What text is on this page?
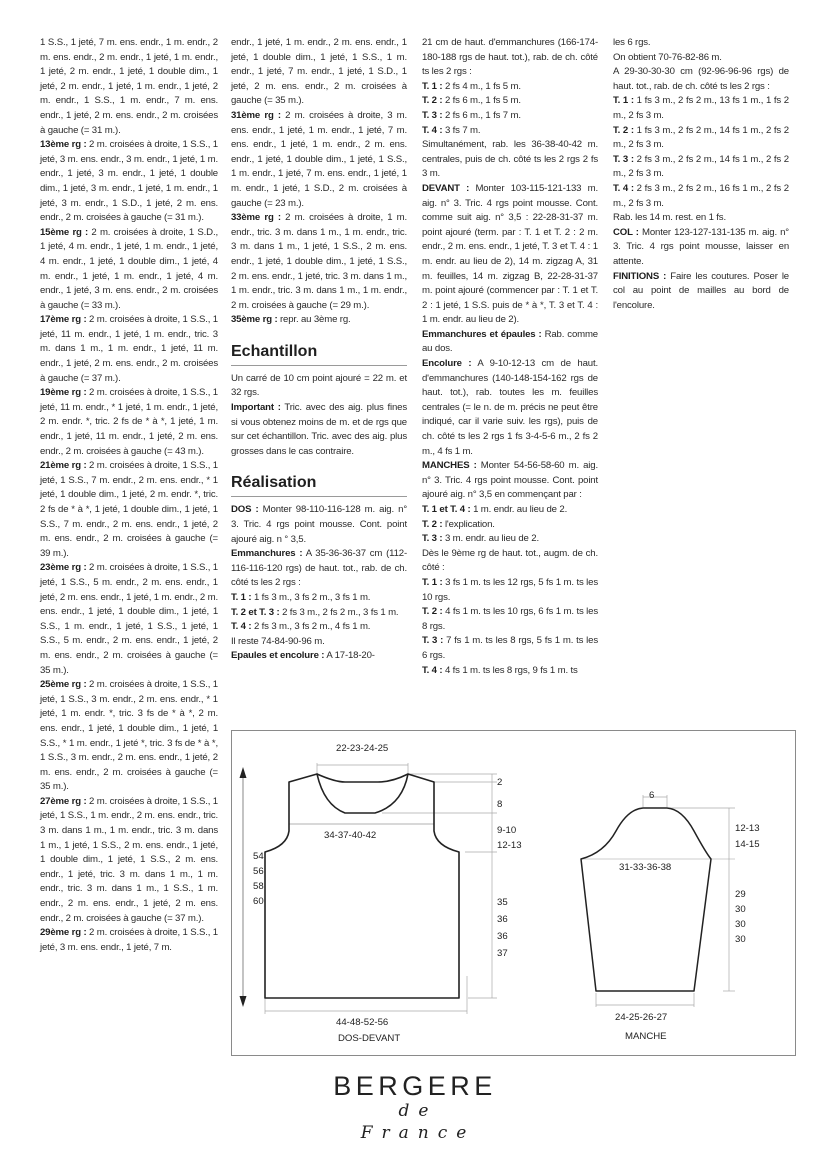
1 S.S., 1 jeté, 7 m. ens. endr., 1 m. endr., 2 m. ens. endr., 2 m. endr., 1 jeté, 1 m. endr., 1 jeté, 2 m. endr., 1 jeté, 1 double dim., 1 jeté, 2 m. endr., 1 jeté, 1 m. endr., 1 jeté, 2 m. endr., 1 S.S., 1 m. endr., 7 m. ens. endr., 1 jeté, 2 m. ens. endr., 2 m. croisées à gauche (= 31 m.).

13ème rg : 2 m. croisées à droite, 1 S.S., 1 jeté, 3 m. ens. endr., 3 m. endr., 1 jeté, 1 m. endr., 1 jeté, 3 m. endr., 1 jeté, 1 double dim., 1 jeté, 3 m. endr., 1 jeté, 1 m. endr., 1 jeté, 3 m. endr., 1 S.D., 1 jeté, 2 m. ens. endr., 2 m. croisées à gauche (= 31 m.).

15ème rg : 2 m. croisées à droite, 1 S.D., 1 jeté, 4 m. endr., 1 jeté, 1 m. endr., 1 jeté, 4 m. endr., 1 jeté, 1 double dim., 1 jeté, 4 m. endr., 1 jeté, 1 m. endr., 1 jeté, 4 m. endr., 1 jeté, 3 m. ens. endr., 2 m. croisées à gauche (= 33 m.).

17ème rg : 2 m. croisées à droite, 1 S.S., 1 jeté, 11 m. endr., 1 jeté, 1 m. endr., tric. 3 m. dans 1 m., 1 m. endr., 1 jeté, 11 m. endr., 1 jeté, 2 m. ens. endr., 2 m. croisées à gauche (= 37 m.).

19ème rg : 2 m. croisées à droite, 1 S.S., 1 jeté, 11 m. endr., * 1 jeté, 1 m. endr., 1 jeté, 2 m. endr. *, tric. 2 fs de * à *, 1 jeté, 1 m. endr., 1 jeté, 11 m. endr., 1 jeté, 2 m. ens. endr., 2 m. croisées à gauche (= 43 m.).

21ème rg : 2 m. croisées à droite, 1 S.S., 1 jeté, 1 S.S., 7 m. endr., 2 m. ens. endr., * 1 jeté, 1 double dim., 1 jeté, 2 m. endr. *, tric. 2 fs de * à *, 1 jeté, 1 double dim., 1 jeté, 1 S.S., 7 m. endr., 2 m. ens. endr., 1 jeté, 2 m. ens. endr., 2 m. croisées à gauche (= 39 m.).

23ème rg : 2 m. croisées à droite, 1 S.S., 1 jeté, 1 S.S., 5 m. endr., 2 m. ens. endr., 1 jeté, 2 m. ens. endr., 1 jeté, 1 m. endr., 2 m. ens. endr., 1 jeté, 1 double dim., 1 jeté, 1 S.S., 1 m. endr., 1 jeté, 1 S.S., 1 jeté, 1 S.S., 5 m. endr., 2 m. ens. endr., 1 jeté, 2 m. ens. endr., 2 m. croisées à gauche (= 35 m.).

25ème rg : 2 m. croisées à droite, 1 S.S., 1 jeté, 1 S.S., 3 m. endr., 2 m. ens. endr., * 1 jeté, 1 m. endr. *, tric. 3 fs de * à *, 2 m. ens. endr., 1 jeté, 1 double dim., 1 jeté, 1 S.S., * 1 m. endr., 1 jeté *, tric. 3 fs de * à *, 1 S.S., 3 m. endr., 2 m. ens. endr., 1 jeté, 2 m. ens. endr., 2 m. croisées à gauche (= 35 m.).

27ème rg : 2 m. croisées à droite, 1 S.S., 1 jeté, 1 S.S., 1 m. endr., 2 m. ens. endr., tric. 3 m. dans 1 m., 1 m. endr., tric. 3 m. dans 1 m., 1 jeté, 1 S.S., 2 m. ens. endr., 1 jeté, 1 double dim., 1 jeté, 1 S.S., 2 m. ens. endr., 1 jeté, tric. 3 m. dans 1 m., 1 m. endr., tric. 3 m. dans 1 m., 1 S.S., 1 m. endr., 2 m. ens. endr., 1 jeté, 2 m. ens. endr., 2 m. croisées à gauche (= 37 m.).

29ème rg : 2 m. croisées à droite, 1 S.S., 1 jeté, 3 m. ens. endr., 1 jeté, 7 m.

endr., 1 jeté, 1 m. endr., 2 m. ens. endr., 1 jeté, 1 double dim., 1 jeté, 1 S.S., 1 m. endr., 1 jeté, 7 m. endr., 1 jeté, 1 S.D., 1 jeté, 2 m. ens. endr., 2 m. croisées à gauche (= 35 m.).

31ème rg : 2 m. croisées à droite, 3 m. ens. endr., 1 jeté, 1 m. endr., 1 jeté, 7 m. ens. endr., 1 jeté, 1 m. endr., 2 m. ens. endr., 1 jeté, 1 double dim., 1 jeté, 1 S.S., 1 m. endr., 1 jeté, 7 m. ens. endr., 1 jeté, 1 m. endr., 1 jeté, 1 S.D., 2 m. croisées à gauche (= 23 m.).

33ème rg : 2 m. croisées à droite, 1 m. endr., tric. 3 m. dans 1 m., 1 m. endr., tric. 3 m. dans 1 m., 1 jeté, 1 S.S., 2 m. ens. endr., 1 jeté, 1 double dim., 1 jeté, 1 S.S., 2 m. ens. endr., 1 jeté, tric. 3 m. dans 1 m., 1 m. endr., tric. 3 m. dans 1 m., 1 m. endr., 2 m. croisées à gauche (= 29 m.).

35ème rg : repr. au 3ème rg.

Echantillon

Un carré de 10 cm point ajouré = 22 m. et 32 rgs.

Important : Tric. avec des aig. plus fines si vous obtenez moins de m. et de rgs que sur cet échantillon. Tric. avec des aig. plus grosses dans le cas contraire.

Réalisation

DOS : Monter 98-110-116-128 m. aig. n° 3. Tric. 4 rgs point mousse. Cont. point ajouré aig. n ° 3,5.

Emmanchures : A 35-36-36-37 cm (112-116-116-120 rgs) de haut. tot., rab. de ch. côté ts les 2 rgs :

T. 1 : 1 fs 3 m., 3 fs 2 m., 3 fs 1 m.

T. 2 et T. 3 : 2 fs 3 m., 2 fs 2 m., 3 fs 1 m.

T. 4 : 2 fs 3 m., 3 fs 2 m., 4 fs 1 m.

Il reste 74-84-90-96 m.

Epaules et encolure : A 17-18-20-

21 cm de haut. d'emmanchures (166-174-180-188 rgs de haut. tot.), rab. de ch. côté ts les 2 rgs :

T. 1 : 2 fs 4 m., 1 fs 5 m.

T. 2 : 2 fs 6 m., 1 fs 5 m.

T. 3 : 2 fs 6 m., 1 fs 7 m.

T. 4 : 3 fs 7 m.

Simultanément, rab. les 36-38-40-42 m. centrales, puis de ch. côté ts les 2 rgs 2 fs 3 m.

DEVANT : Monter 103-115-121-133 m. aig. n° 3. Tric. 4 rgs point mousse. Cont. comme suit aig. n° 3,5 : 22-28-31-37 m. point ajouré (term. par : T. 1 et T. 2 : 2 m. endr., 2 m. ens. endr., 1 jeté, T. 3 et T. 4 : 1 m. endr. au lieu de 2), 14 m. zigzag A, 31 m. feuilles, 14 m. zigzag B, 22-28-31-37 m. point ajouré (commencer par : T. 1 et T. 2 : 1 jeté, 1 S.S. puis de * à *, T. 3 et T. 4 : 1 m. endr. au lieu de 2).

Emmanchures et épaules : Rab. comme au dos.

Encolure : A 9-10-12-13 cm de haut. d'emmanchures (140-148-154-162 rgs de haut. tot.), rab. toutes les m. feuilles centrales (= le n. de m. précis ne peut être indiqué, car il varie suiv. les rgs), puis de ch. côté ts les 2 rgs 1 fs 3-4-5-6 m., 2 fs 2 m., 4 fs 1 m.

MANCHES : Monter 54-56-58-60 m. aig. n° 3. Tric. 4 rgs point mousse. Cont. point ajouré aig. n° 3,5 en commençant par :

T. 1 et T. 4 : 1 m. endr. au lieu de 2.

T. 2 : l'explication.

T. 3 : 3 m. endr. au lieu de 2.

Dès le 9ème rg de haut. tot., augm. de ch. côté :

T. 1 : 3 fs 1 m. ts les 12 rgs, 5 fs 1 m. ts les 10 rgs.

T. 2 : 4 fs 1 m. ts les 10 rgs, 6 fs 1 m. ts les 8 rgs.

T. 3 : 7 fs 1 m. ts les 8 rgs, 5 fs 1 m. ts les 6 rgs.

T. 4 : 4 fs 1 m. ts les 8 rgs, 9 fs 1 m. ts

les 6 rgs.

On obtient 70-76-82-86 m.

A 29-30-30-30 cm (92-96-96-96 rgs) de haut. tot., rab. de ch. côté ts les 2 rgs :

T. 1 : 1 fs 3 m., 2 fs 2 m., 13 fs 1 m., 1 fs 2 m., 2 fs 3 m.

T. 2 : 1 fs 3 m., 2 fs 2 m., 14 fs 1 m., 2 fs 2 m., 2 fs 3 m.

T. 3 : 2 fs 3 m., 2 fs 2 m., 14 fs 1 m., 2 fs 2 m., 2 fs 3 m.

T. 4 : 2 fs 3 m., 2 fs 2 m., 16 fs 1 m., 2 fs 2 m., 2 fs 3 m.

Rab. les 14 m. rest. en 1 fs.

COL : Monter 123-127-131-135 m. aig. n° 3. Tric. 4 rgs point mousse, laisser en attente.

FINITIONS : Faire les coutures. Poser le col au point de mailles au bord de l'encolure.

22-23-24-25
2
8
9-10
12-13
34-37-40-42
54
56
58
60	35
36
36
37
44-48-52-56
DOS-DEVANT
6
12-13
14-15
31-33-36-38
29
30
30
30
24-25-26-27
MANCHE
BERGERE
de France
